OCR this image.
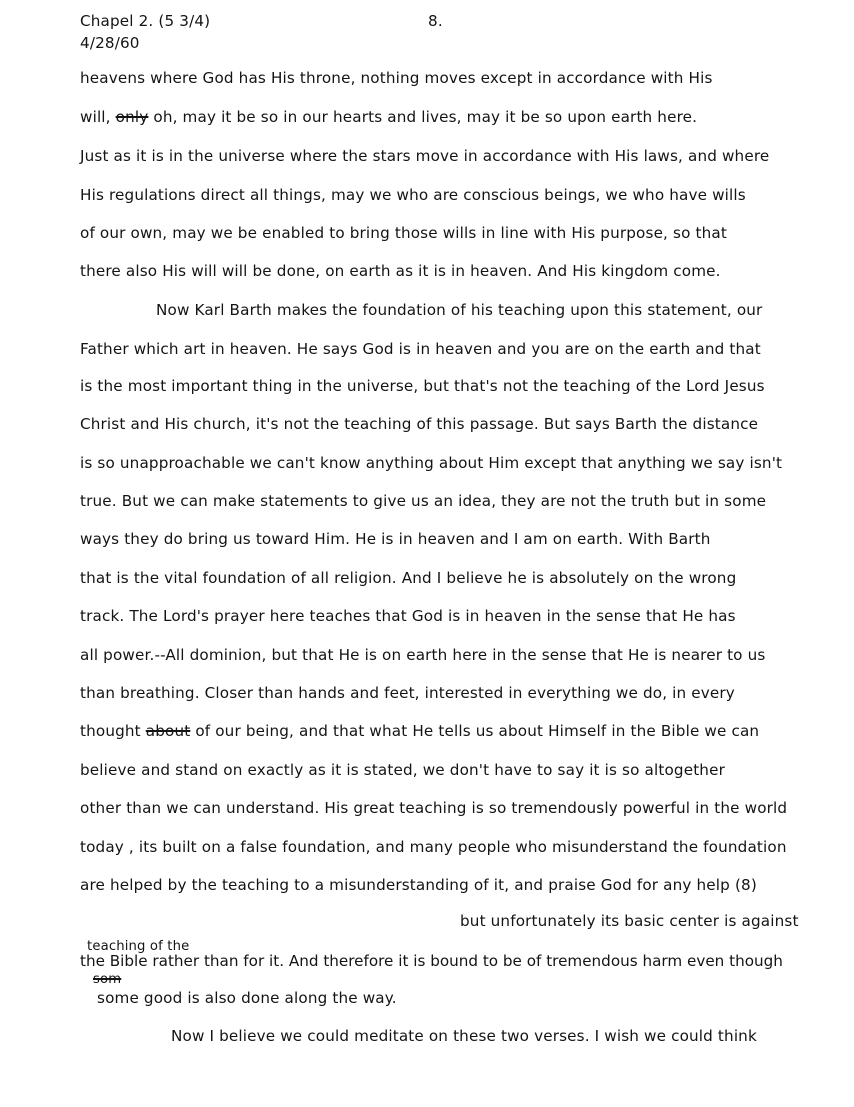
Chapel 2. (5 3/4)
4/28/60
8.
heavens where God has His throne, nothing moves except in accordance with His
will, only oh, may it be so in our hearts and lives, may it be so upon earth here.
Just as it is in the universe where the stars move in accordance with His laws, and where
His regulations direct all things, may we who are conscious beings, we who have wills
of our own, may we be enabled to bring those wills in line with His purpose, so that
there also His will will be done, on earth as it is in heaven. And His kingdom come.
Now Karl Barth makes the foundation of his teaching upon this statement, our
Father which art in heaven. He says God is in heaven and you are on the earth and that
is the most important thing in the universe, but that's not the teaching of the Lord Jesus
Christ and His church, it's not the teaching of this passage. But says Barth the distance
is so unapproachable we can't know anything about Him except that anything we say isn't
true. But we can make statements to give us an idea, they are not the truth but in some
ways they do bring us toward Him. He is in heaven and I am on earth. With Barth
that is the vital foundation of all religion. And I believe he is absolutely on the wrong
track. The Lord's prayer here teaches that God is in heaven in the sense that He has
all power.--All dominion, but that He is on earth here in the sense that He is nearer to us
than breathing. Closer than hands and feet, interested in everything we do, in every
thought about of our being, and that what He tells us about Himself in the Bible we can
believe and stand on exactly as it is stated, we don't have to say it is so altogether
other than we can understand. His great teaching is so tremendously powerful in the world
today , its built on a false foundation, and many people who misunderstand the foundation
are helped by the teaching to a misunderstanding of it, and praise God for any help (8)
but unfortunately its basic center is against
teaching of the
the Bible rather than for it. And therefore it is bound to be of tremendous harm even though
som
some good is also done along the way.
Now I believe we could meditate on these two verses. I wish we could think
